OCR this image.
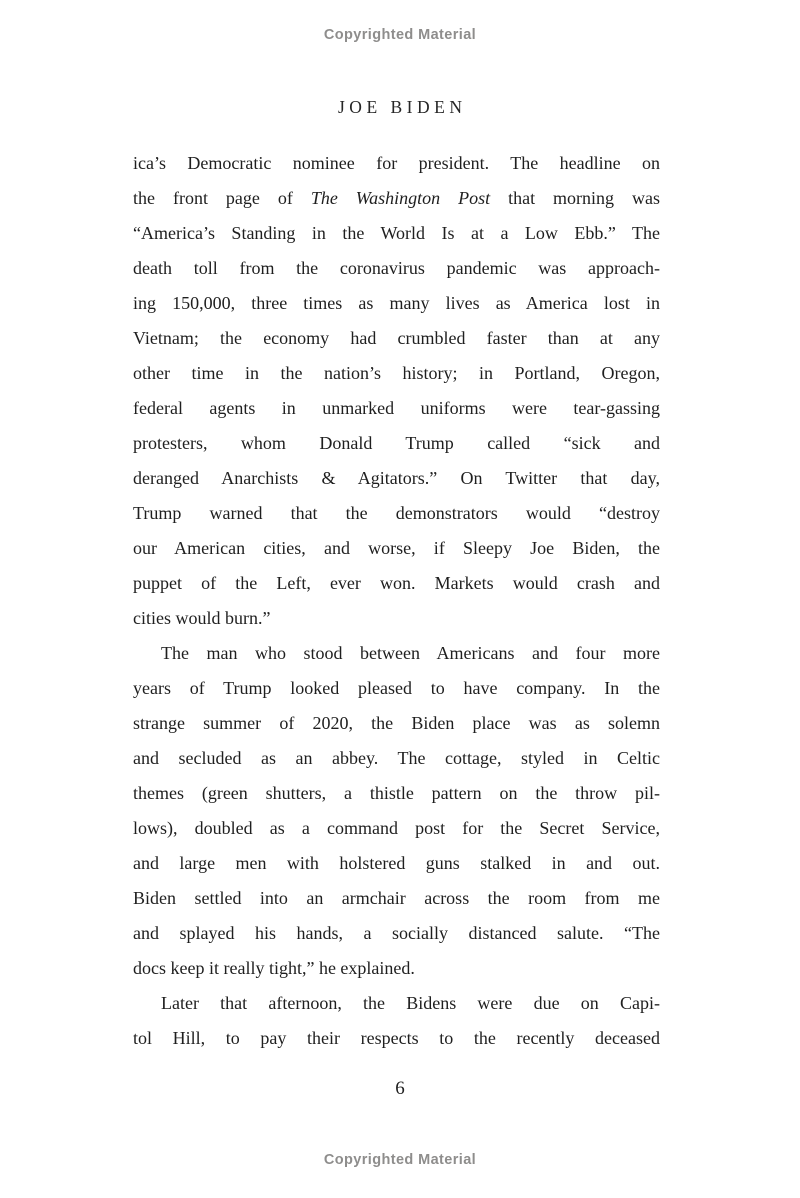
Copyrighted Material
JOE BIDEN
ica’s Democratic nominee for president. The headline on
the front page of The Washington Post that morning was
“America’s Standing in the World Is at a Low Ebb.” The
death toll from the coronavirus pandemic was approach-
ing 150,000, three times as many lives as America lost in
Vietnam; the economy had crumbled faster than at any
other time in the nation’s history; in Portland, Oregon,
federal agents in unmarked uniforms were tear-gassing
protesters, whom Donald Trump called “sick and
deranged Anarchists & Agitators.” On Twitter that day,
Trump warned that the demonstrators would “destroy
our American cities, and worse, if Sleepy Joe Biden, the
puppet of the Left, ever won. Markets would crash and
cities would burn.”
The man who stood between Americans and four more
years of Trump looked pleased to have company. In the
strange summer of 2020, the Biden place was as solemn
and secluded as an abbey. The cottage, styled in Celtic
themes (green shutters, a thistle pattern on the throw pil-
lows), doubled as a command post for the Secret Service,
and large men with holstered guns stalked in and out.
Biden settled into an armchair across the room from me
and splayed his hands, a socially distanced salute. “The
docs keep it really tight,” he explained.
Later that afternoon, the Bidens were due on Capi-
tol Hill, to pay their respects to the recently deceased
6
Copyrighted Material
